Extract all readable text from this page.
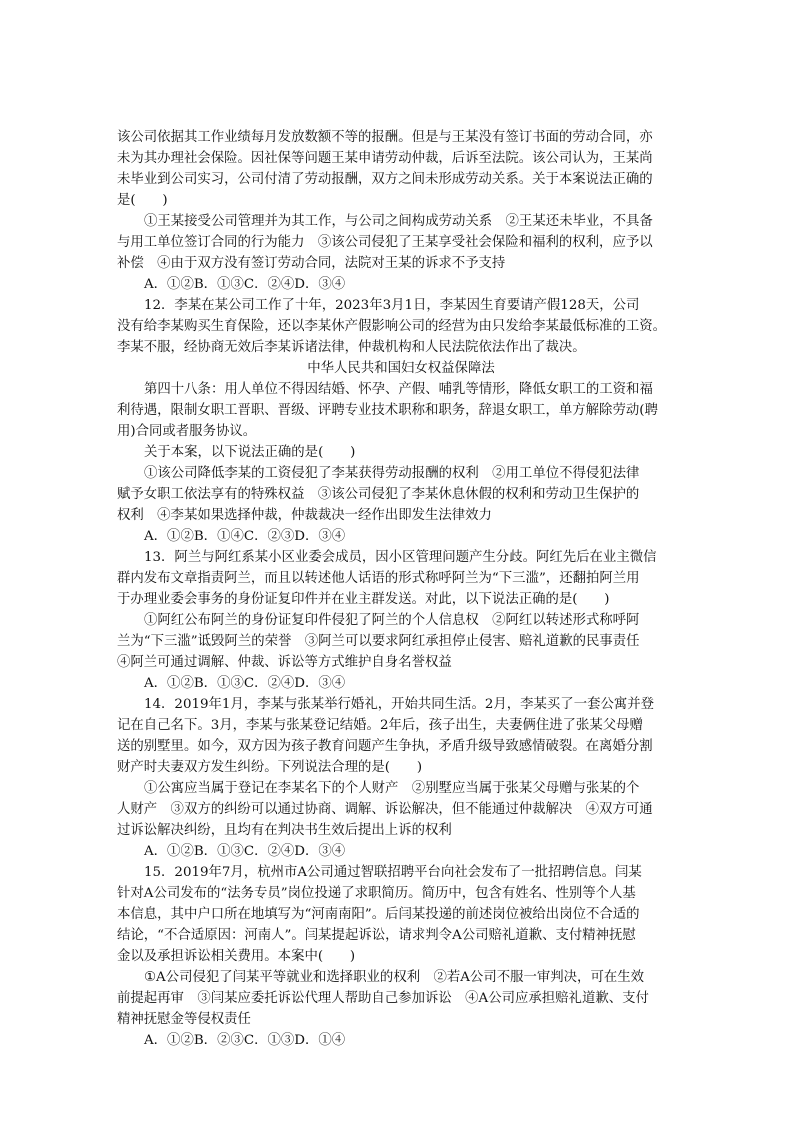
该公司依据其工作业绩每月发放数额不等的报酬。但是与王某没有签订书面的劳动合同，亦
未为其办理社会保险。因社保等问题王某申请劳动仲裁，后诉至法院。该公司认为，王某尚
未毕业到公司实习，公司付清了劳动报酬，双方之间未形成劳动关系。关于本案说法正确的
是(　　)
①王某接受公司管理并为其工作，与公司之间构成劳动关系　②王某还未毕业，不具备
与用工单位签订合同的行为能力　③该公司侵犯了王某享受社会保险和福利的权利，应予以
补偿　④由于双方没有签订劳动合同，法院对王某的诉求不予支持
A．①②B．①③C．②④D．③④
12．李某在某公司工作了十年，2023年3月1日，李某因生育要请产假128天，公司
没有给李某购买生育保险，还以李某休产假影响公司的经营为由只发给李某最低标准的工资。
李某不服，经协商无效后李某诉诸法律，仲裁机构和人民法院依法作出了裁决。
中华人民共和国妇女权益保障法
第四十八条：用人单位不得因结婚、怀孕、产假、哺乳等情形，降低女职工的工资和福
利待遇，限制女职工晋职、晋级、评聘专业技术职称和职务，辞退女职工，单方解除劳动(聘
用)合同或者服务协议。
关于本案，以下说法正确的是(　　)
①该公司降低李某的工资侵犯了李某获得劳动报酬的权利　②用工单位不得侵犯法律
赋予女职工依法享有的特殊权益　③该公司侵犯了李某休息休假的权利和劳动卫生保护的
权利　④李某如果选择仲裁，仲裁裁决一经作出即发生法律效力
A．①②B．①④C．②③D．③④
13．阿兰与阿红系某小区业委会成员，因小区管理问题产生分歧。阿红先后在业主微信
群内发布文章指责阿兰，而且以转述他人话语的形式称呼阿兰为“下三滥”，还翻拍阿兰用
于办理业委会事务的身份证复印件并在业主群发送。对此，以下说法正确的是(　　)
①阿红公布阿兰的身份证复印件侵犯了阿兰的个人信息权　②阿红以转述形式称呼阿
兰为“下三滥”诋毁阿兰的荣誉　③阿兰可以要求阿红承担停止侵害、赔礼道歉的民事责任
④阿兰可通过调解、仲裁、诉讼等方式维护自身名誉权益
A．①②B．①③C．②④D．③④
14．2019年1月，李某与张某举行婚礼，开始共同生活。2月，李某买了一套公寓并登
记在自己名下。3月，李某与张某登记结婚。2年后，孩子出生，夫妻俩住进了张某父母赠
送的别墅里。如今，双方因为孩子教育问题产生争执，矛盾升级导致感情破裂。在离婚分割
财产时夫妻双方发生纠纷。下列说法合理的是(　　)
①公寓应当属于登记在李某名下的个人财产　②别墅应当属于张某父母赠与张某的个
人财产　③双方的纠纷可以通过协商、调解、诉讼解决，但不能通过仲裁解决　④双方可通
过诉讼解决纠纷，且均有在判决书生效后提出上诉的权利
A．①②B．①③C．②④D．③④
15．2019年7月，杭州市A公司通过智联招聘平台向社会发布了一批招聘信息。闫某
针对A公司发布的“法务专员”岗位投递了求职简历。简历中，包含有姓名、性别等个人基
本信息，其中户口所在地填写为“河南南阳”。后闫某投递的前述岗位被给出岗位不合适的
结论，“不合适原因：河南人”。闫某提起诉讼，请求判令A公司赔礼道歉、支付精神抚慰
金以及承担诉讼相关费用。本案中(　　)
①A公司侵犯了闫某平等就业和选择职业的权利　②若A公司不服一审判决，可在生效
前提起再审　③闫某应委托诉讼代理人帮助自己参加诉讼　④A公司应承担赔礼道歉、支付
精神抚慰金等侵权责任
A．①②B．②③C．①③D．①④
